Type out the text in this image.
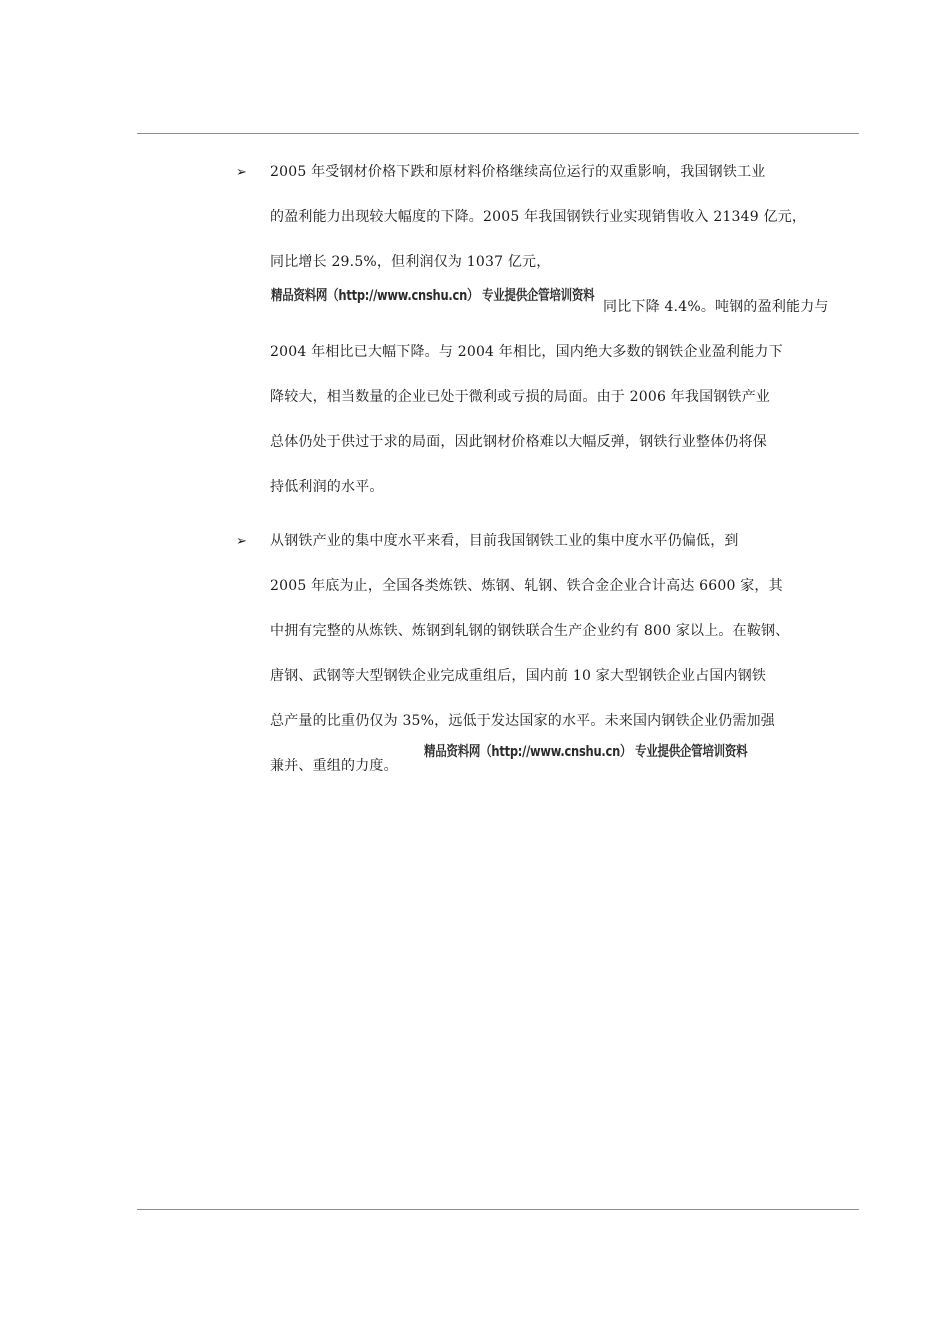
➢ 2005 年受钢材价格下跌和原材料价格继续高位运行的双重影响，我国钢铁工业
的盈利能力出现较大幅度的下降。2005 年我国钢铁行业实现销售收入 21349 亿元，
同比增长 29.5%，但利润仅为 1037 亿元，
精品资料网（http://www.cnshu.cn） 专业提供企管培训资料
同比下降 4.4%。吨钢的盈利能力与
2004 年相比已大幅下降。与 2004 年相比，国内绝大多数的钢铁企业盈利能力下
降较大，相当数量的企业已处于微利或亏损的局面。由于 2006 年我国钢铁产业
总体仍处于供过于求的局面，因此钢材价格难以大幅反弹，钢铁行业整体仍将保
持低利润的水平。
➢ 从钢铁产业的集中度水平来看，目前我国钢铁工业的集中度水平仍偏低，到
2005 年底为止，全国各类炼铁、炼钢、轧钢、铁合金企业合计高达 6600 家，其
中拥有完整的从炼铁、炼钢到轧钢的钢铁联合生产企业约有 800 家以上。在鞍钢、
唐钢、武钢等大型钢铁企业完成重组后，国内前 10 家大型钢铁企业占国内钢铁
总产量的比重仍仅为 35%，远低于发达国家的水平。未来国内钢铁企业仍需加强
兼并、重组的力度。
精品资料网（http://www.cnshu.cn） 专业提供企管培训资料
